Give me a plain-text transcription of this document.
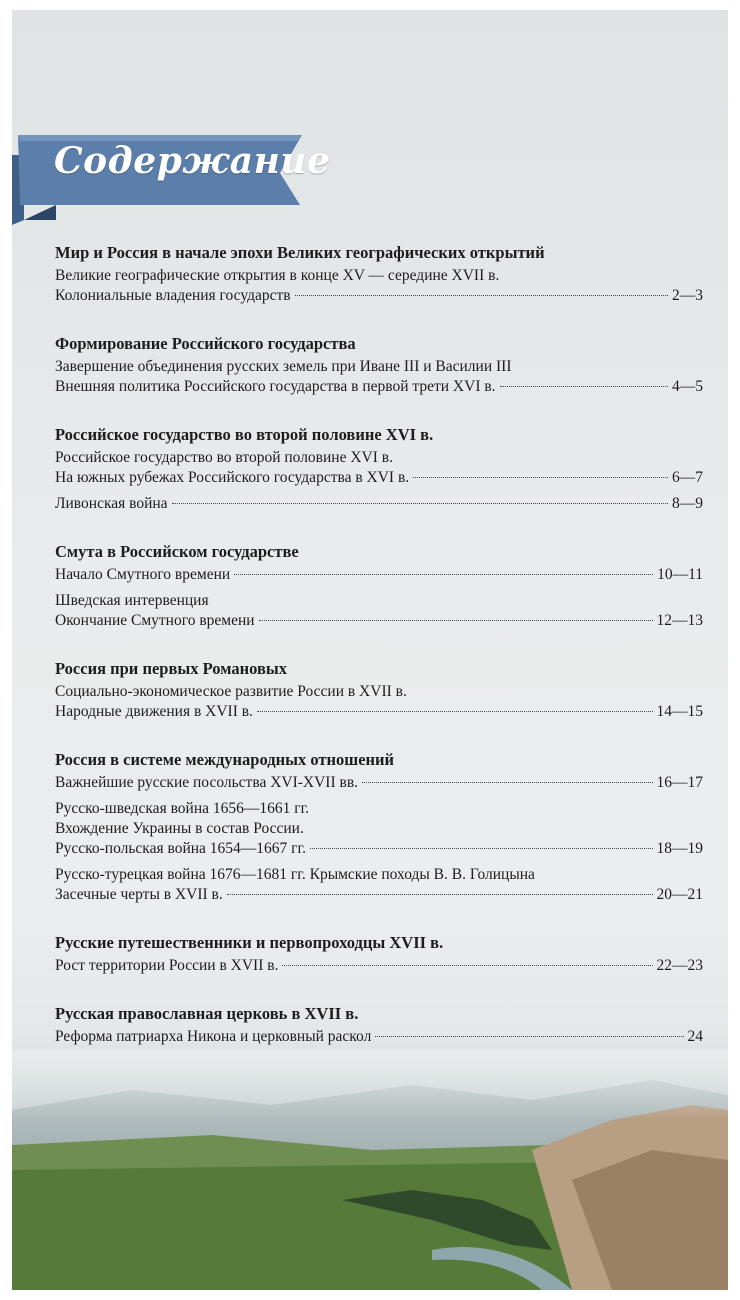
Содержание
Мир и Россия в начале эпохи Великих географических открытий
Великие географические открытия в конце XV — середине XVII в.
Колониальные владения государств	2—3
Формирование Российского государства
Завершение объединения русских земель при Иване III и Василии III
Внешняя политика Российского государства в первой трети XVI в.	4—5
Российское государство во второй половине XVI в.
Российское государство во второй половине XVI в.
На южных рубежах Российского государства в XVI в.	6—7
Ливонская война	8—9
Смута в Российском государстве
Начало Смутного времени	10—11
Шведская интервенция
Окончание Смутного времени	12—13
Россия при первых Романовых
Социально-экономическое развитие России в XVII в.
Народные движения в XVII в.	14—15
Россия в системе международных отношений
Важнейшие русские посольства XVI-XVII вв.	16—17
Русско-шведская война 1656—1661 гг.
Вхождение Украины в состав России.
Русско-польская война 1654—1667 гг.	18—19
Русско-турецкая война 1676—1681 гг. Крымские походы В. В. Голицына
Засечные черты в XVII в.	20—21
Русские путешественники и первопроходцы XVII в.
Рост территории России в XVII в.	22—23
Русская православная церковь в XVII в.
Реформа патриарха Никона и церковный раскол	24
